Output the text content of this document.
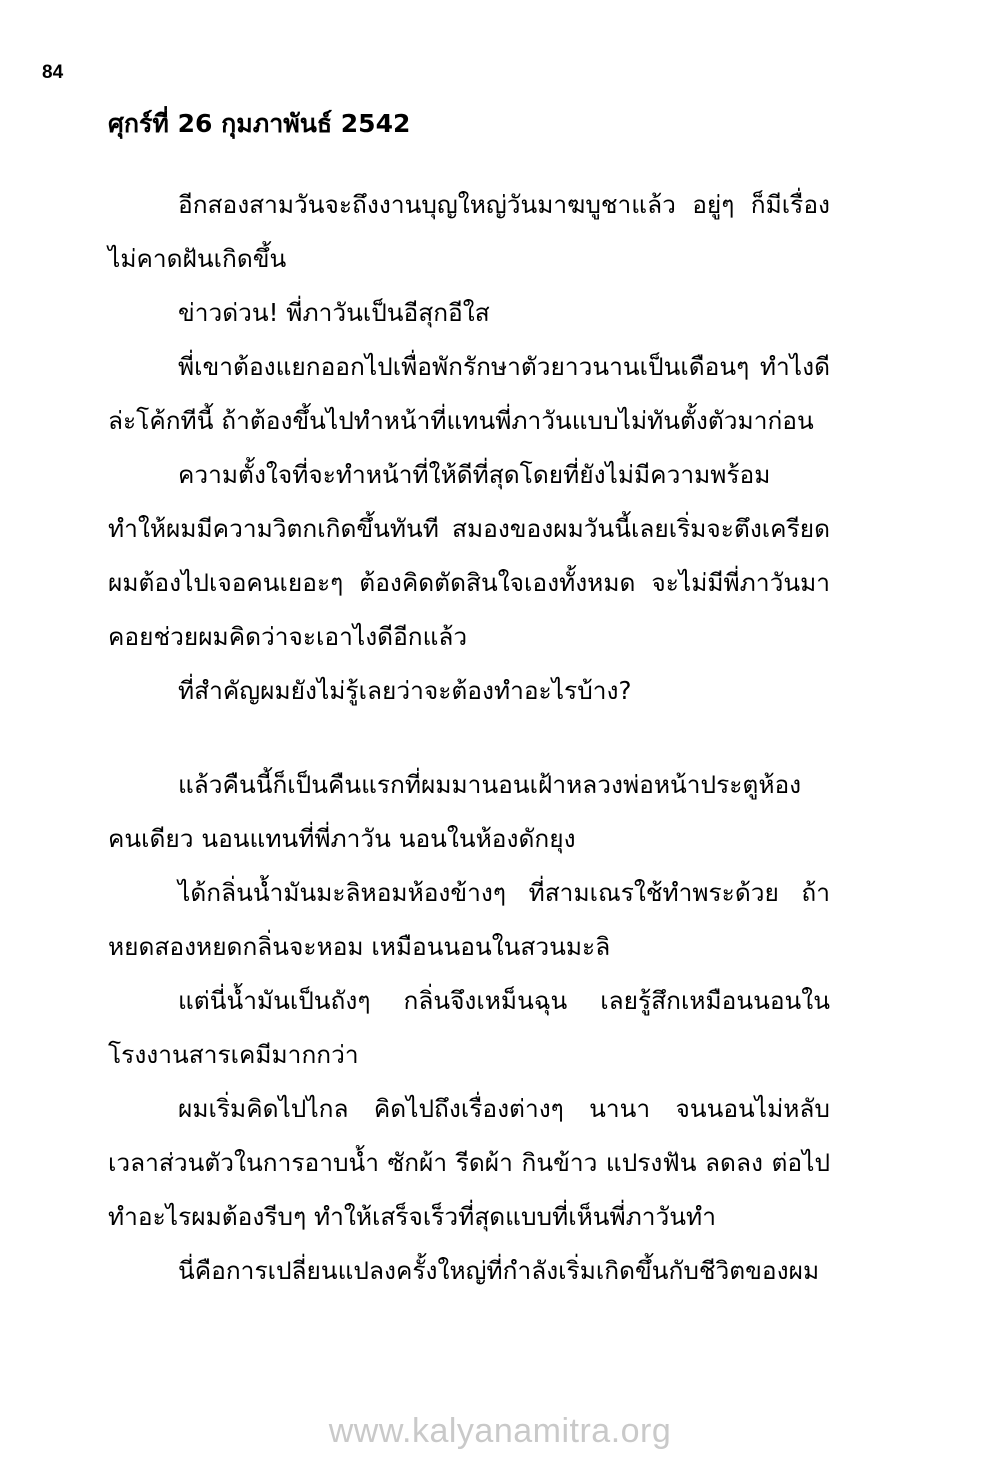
84
ศุกร์ที่ 26 กุมภาพันธ์ 2542

อีกสองสามวันจะถึงงานบุญใหญ่วันมาฆบูชาแล้ว อยู่ๆ ก็มีเรื่องไม่คาดฝันเกิดขึ้น

ข่าวด่วน! พี่ภาวันเป็นอีสุกอีใส

พี่เขาต้องแยกออกไปเพื่อพักรักษาตัวยาวนานเป็นเดือนๆ ทำไงดีล่ะโค้กทีนี้ ถ้าต้องขึ้นไปทำหน้าที่แทนพี่ภาวันแบบไม่ทันตั้งตัวมาก่อน

ความตั้งใจที่จะทำหน้าที่ให้ดีที่สุดโดยที่ยังไม่มีความพร้อม ทำให้ผมมีความวิตกเกิดขึ้นทันที สมองของผมวันนี้เลยเริ่มจะตึงเครียด ผมต้องไปเจอคนเยอะๆ ต้องคิดตัดสินใจเองทั้งหมด จะไม่มีพี่ภาวันมาคอยช่วยผมคิดว่าจะเอาไงดีอีกแล้ว

ที่สำคัญผมยังไม่รู้เลยว่าจะต้องทำอะไรบ้าง?

แล้วคืนนี้ก็เป็นคืนแรกที่ผมมานอนเฝ้าหลวงพ่อหน้าประตูห้องคนเดียว นอนแทนที่พี่ภาวัน นอนในห้องดักยุง

ได้กลิ่นน้ำมันมะลิหอมห้องข้างๆ ที่สามเณรใช้ทำพระด้วย ถ้าหยดสองหยดกลิ่นจะหอม เหมือนนอนในสวนมะลิ

แต่นี่น้ำมันเป็นถังๆ กลิ่นจึงเหม็นฉุน เลยรู้สึกเหมือนนอนในโรงงานสารเคมีมากกว่า

ผมเริ่มคิดไปไกล คิดไปถึงเรื่องต่างๆ นานา จนนอนไม่หลับ เวลาส่วนตัวในการอาบน้ำ ซักผ้า รีดผ้า กินข้าว แปรงฟัน ลดลง ต่อไปทำอะไรผมต้องรีบๆ ทำให้เสร็จเร็วที่สุดแบบที่เห็นพี่ภาวันทำ

นี่คือการเปลี่ยนแปลงครั้งใหญ่ที่กำลังเริ่มเกิดขึ้นกับชีวิตของผม

www.kalyanamitra.org
